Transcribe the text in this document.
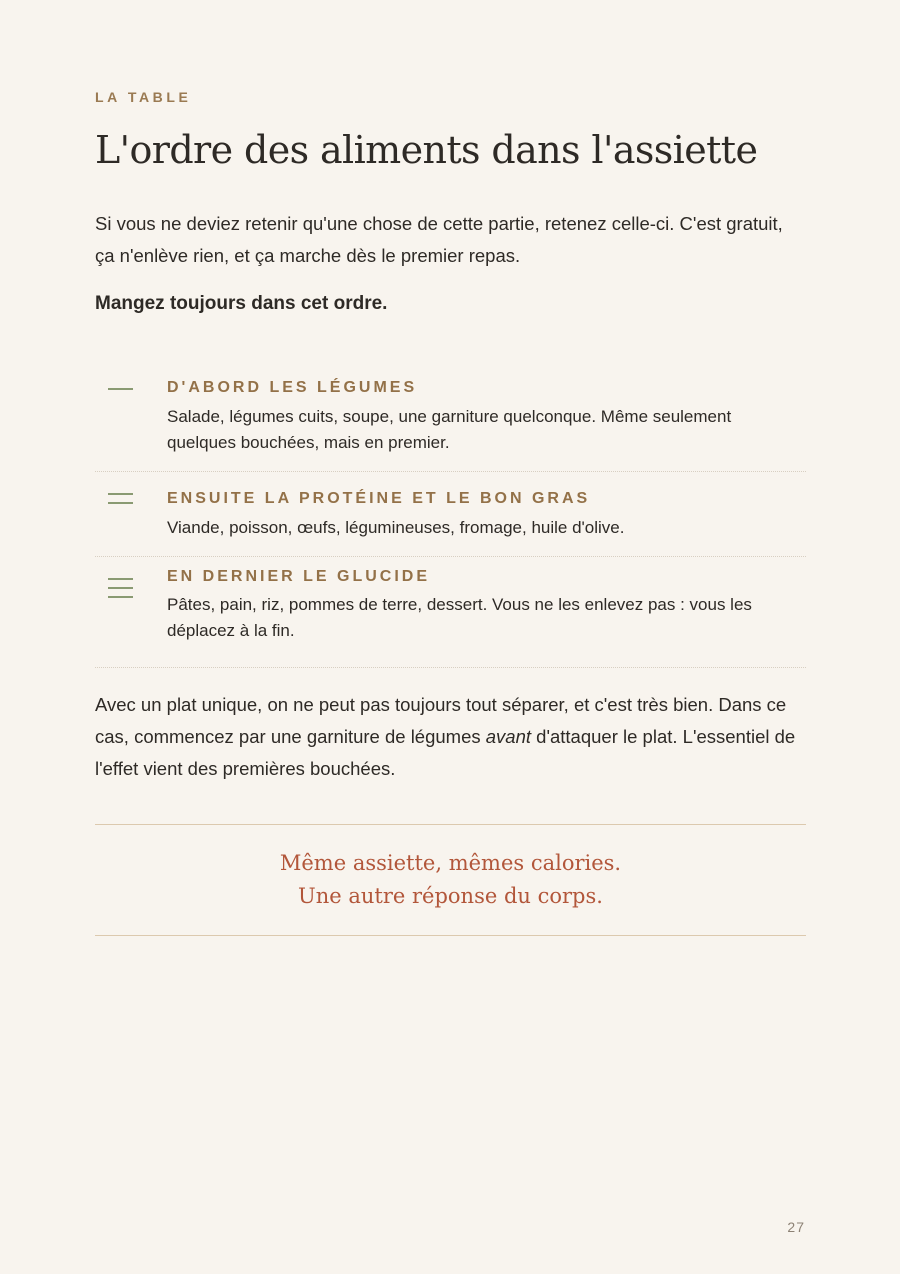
LA TABLE
L'ordre des aliments dans l'assiette

Si vous ne deviez retenir qu'une chose de cette partie, retenez celle-ci. C'est gratuit, ça n'enlève rien, et ça marche dès le premier repas.

Mangez toujours dans cet ordre.

D'ABORD LES LÉGUMES

Salade, légumes cuits, soupe, une garniture quelconque. Même seulement quelques bouchées, mais en premier.

ENSUITE LA PROTÉINE ET LE BON GRAS

Viande, poisson, œufs, légumineuses, fromage, huile d'olive.

EN DERNIER LE GLUCIDE

Pâtes, pain, riz, pommes de terre, dessert. Vous ne les enlevez pas : vous les déplacez à la fin.

Avec un plat unique, on ne peut pas toujours tout séparer, et c'est très bien. Dans ce cas, commencez par une garniture de légumes avant d'attaquer le plat. L'essentiel de l'effet vient des premières bouchées.

Même assiette, mêmes calories.
Une autre réponse du corps.
27
